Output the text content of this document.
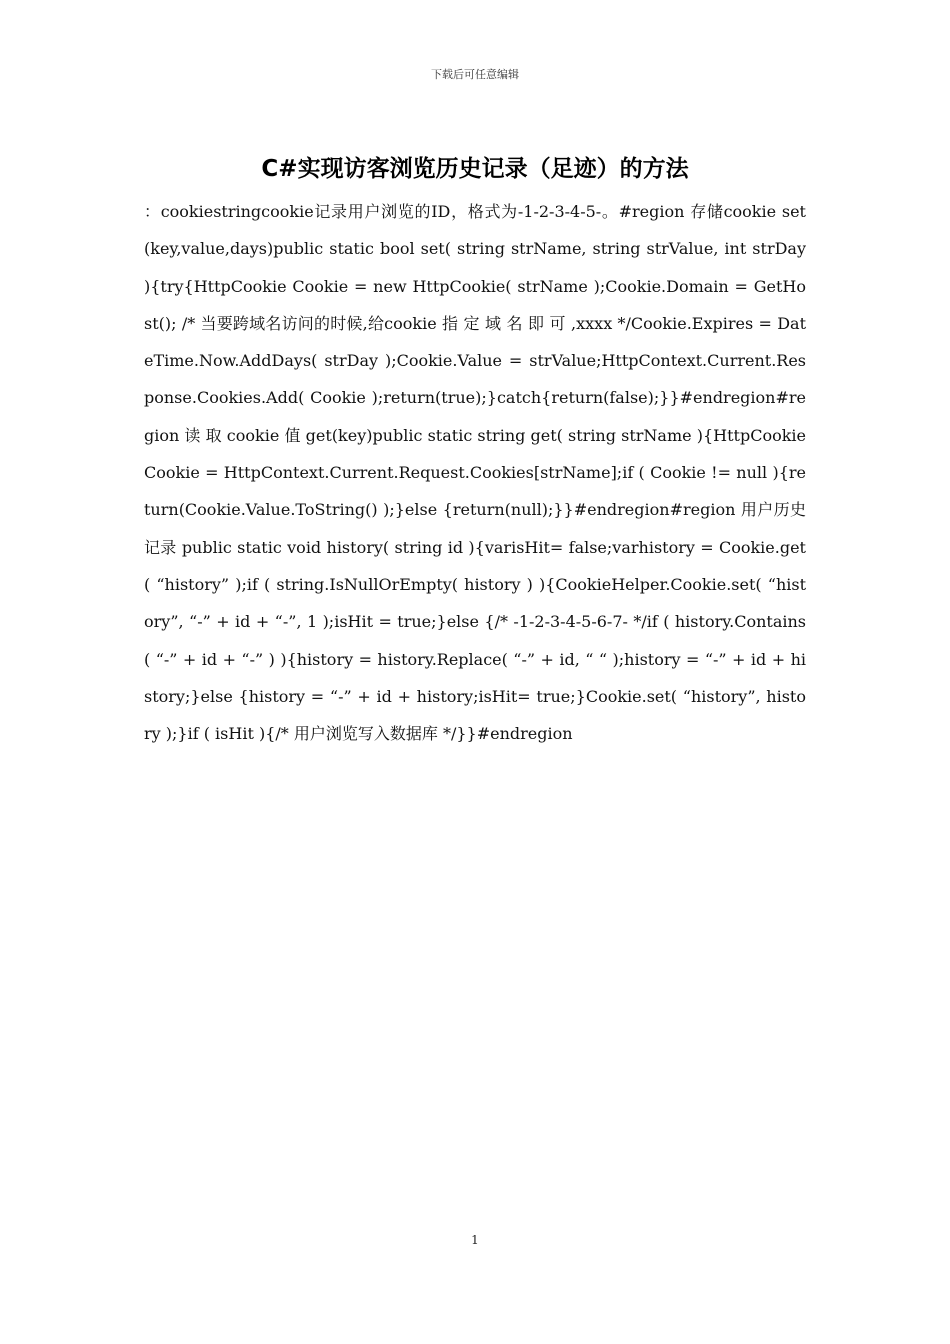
下载后可任意编辑
C#实现访客浏览历史记录（足迹）的方法

：cookiestringcookie记录用户浏览的ID，格式为-1-2-3-4-5-。#region 存储cookie set(key,value,days)public static bool set( string strName, string strValue, int strDay ){try{HttpCookie Cookie = new HttpCookie( strName );Cookie.Domain = GetHost(); /* 当要跨域名访问的时候,给cookie 指 定 域 名 即 可 ,xxxx */Cookie.Expires = DateTime.Now.AddDays( strDay );Cookie.Value = strValue;HttpContext.Current.Response.Cookies.Add( Cookie );return(true);}catch{return(false);}}#endregion#region 读 取 cookie 值 get(key)public static string get( string strName ){HttpCookie Cookie = HttpContext.Current.Request.Cookies[strName];if ( Cookie != null ){return(Cookie.Value.ToString() );}else {return(null);}}#endregion#region 用户历史记录 public static void history( string id ){varisHit= false;varhistory = Cookie.get( “history” );if ( string.IsNullOrEmpty( history ) ){CookieHelper.Cookie.set( “history”, “-” + id + “-”, 1 );isHit = true;}else {/* -1-2-3-4-5-6-7- */if ( history.Contains( “-” + id + “-” ) ){history = history.Replace( “-” + id, “ “ );history = “-” + id + history;}else {history = “-” + id + history;isHit= true;}Cookie.set( “history”, history );}if ( isHit ){/* 用户浏览写入数据库 */}}#endregion

1
